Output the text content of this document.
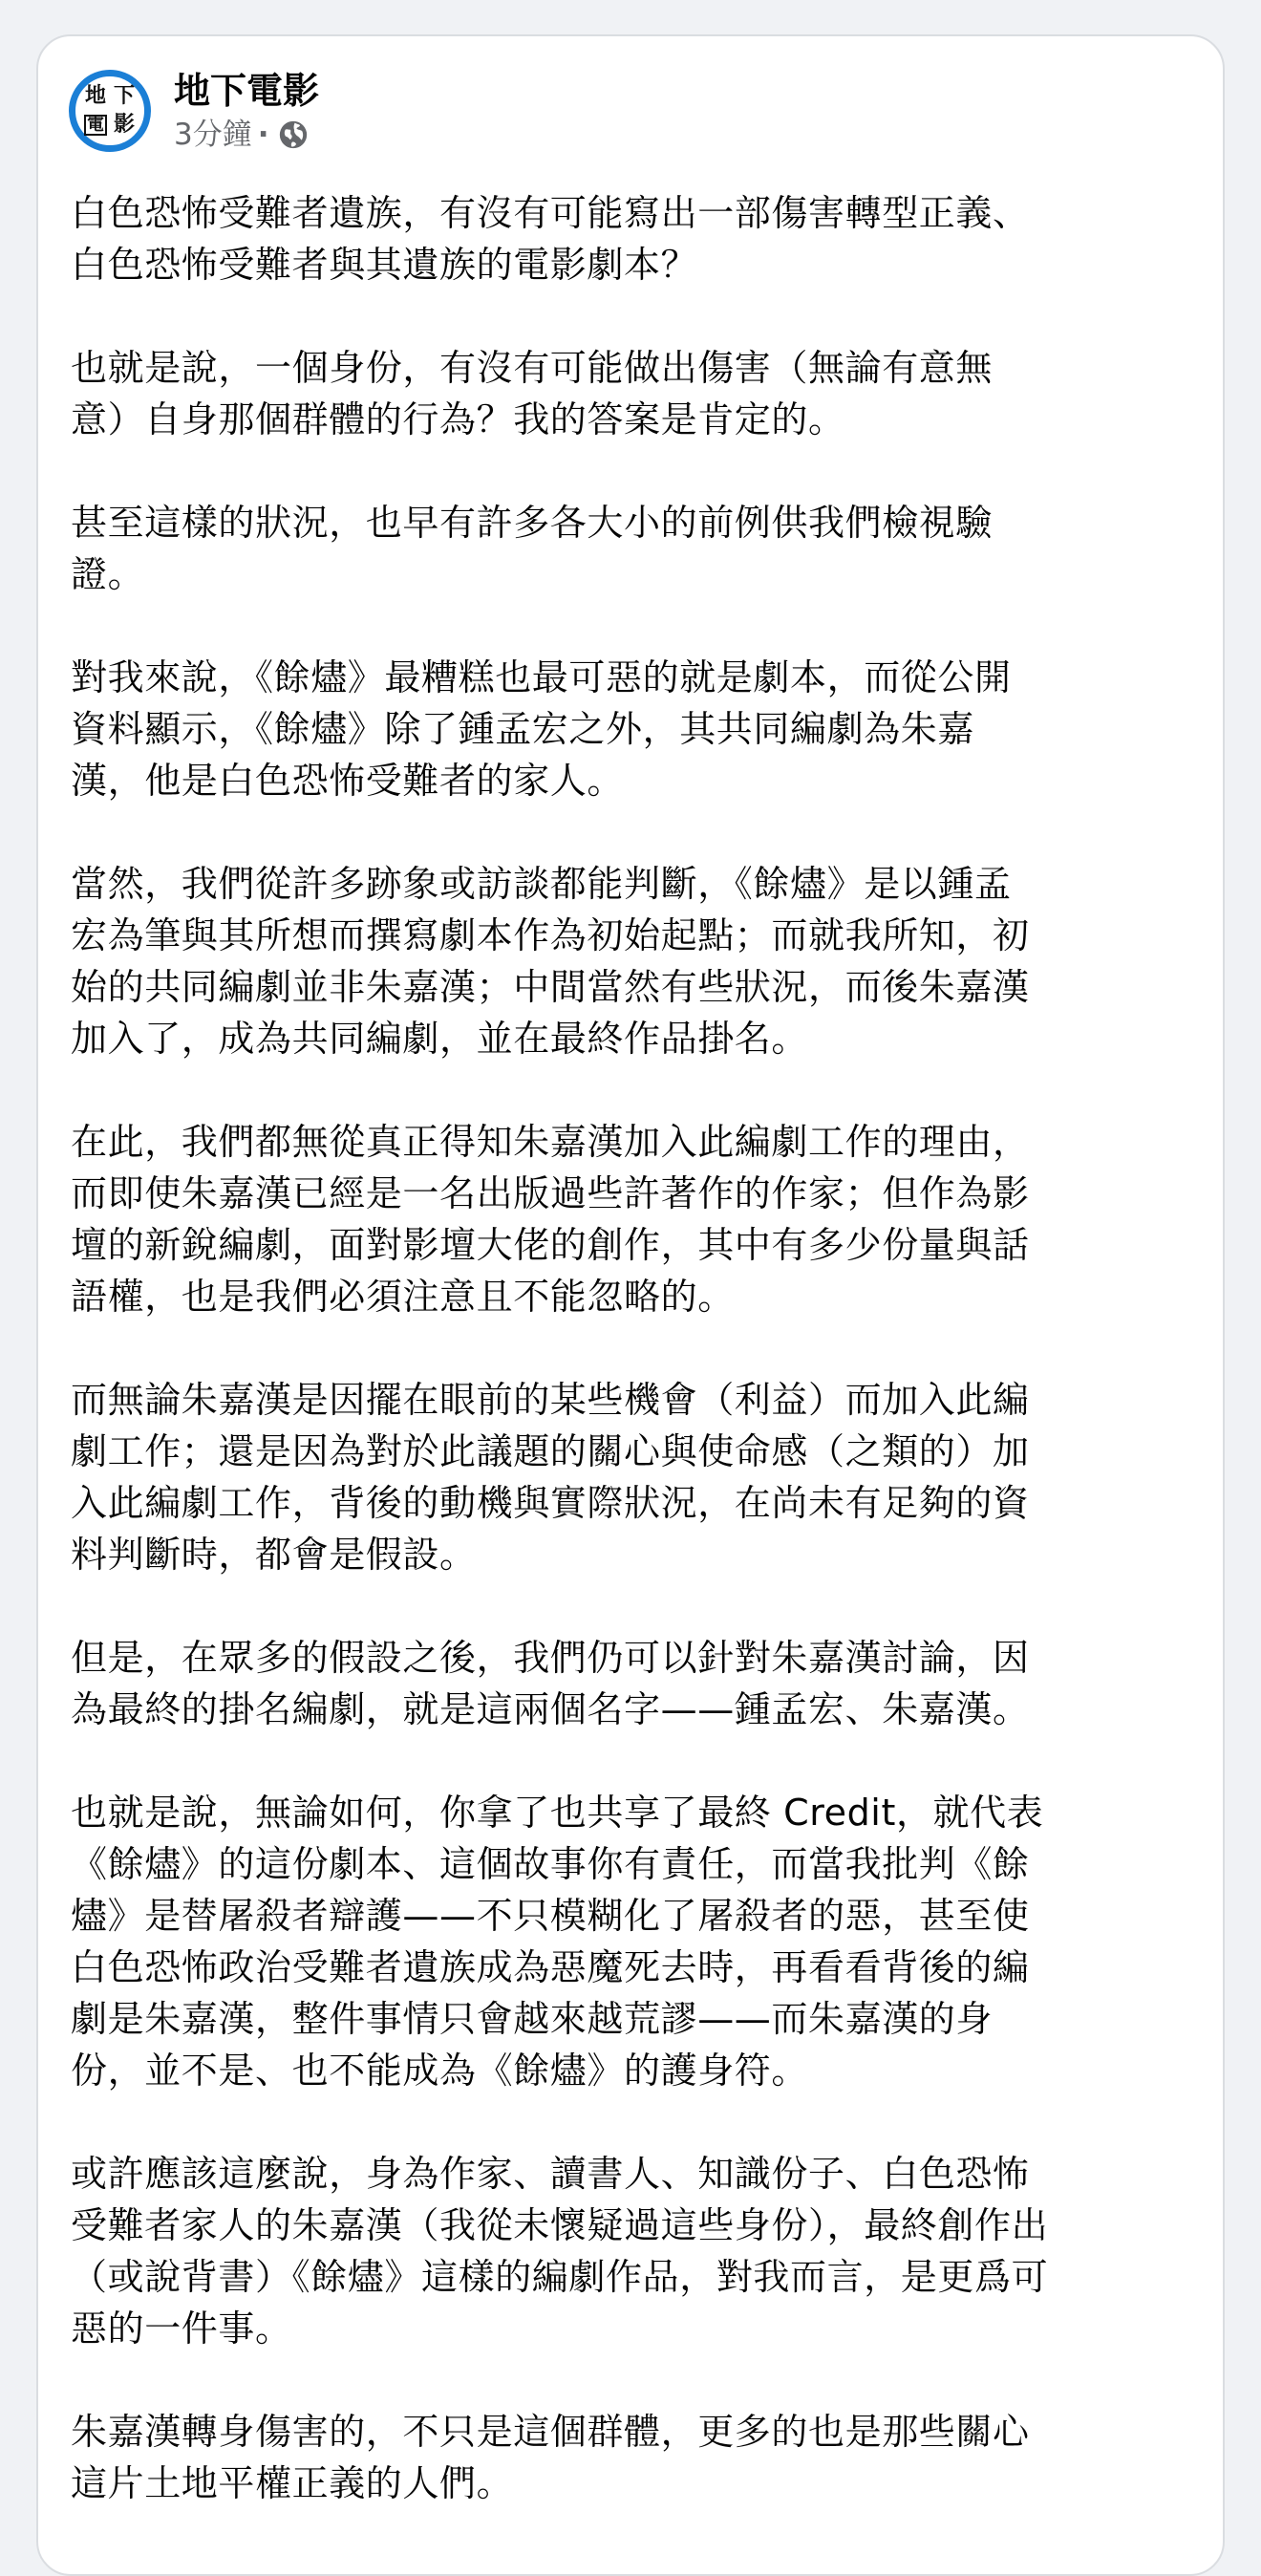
地 下
電 影
地下電影
3分鐘 ·

白色恐怖受難者遺族，有沒有可能寫出一部傷害轉型正義、
白色恐怖受難者與其遺族的電影劇本？

也就是說，一個身份，有沒有可能做出傷害（無論有意無
意）自身那個群體的行為？我的答案是肯定的。

甚至這樣的狀況，也早有許多各大小的前例供我們檢視驗
證。

對我來說，《餘燼》最糟糕也最可惡的就是劇本，而從公開
資料顯示，《餘燼》除了鍾孟宏之外，其共同編劇為朱嘉
漢，他是白色恐怖受難者的家人。

當然，我們從許多跡象或訪談都能判斷，《餘燼》是以鍾孟
宏為筆與其所想而撰寫劇本作為初始起點；而就我所知，初
始的共同編劇並非朱嘉漢；中間當然有些狀況，而後朱嘉漢
加入了，成為共同編劇，並在最終作品掛名。

在此，我們都無從真正得知朱嘉漢加入此編劇工作的理由，
而即使朱嘉漢已經是一名出版過些許著作的作家；但作為影
壇的新銳編劇，面對影壇大佬的創作，其中有多少份量與話
語權，也是我們必須注意且不能忽略的。

而無論朱嘉漢是因擺在眼前的某些機會（利益）而加入此編
劇工作；還是因為對於此議題的關心與使命感（之類的）加
入此編劇工作，背後的動機與實際狀況，在尚未有足夠的資
料判斷時，都會是假設。

但是，在眾多的假設之後，我們仍可以針對朱嘉漢討論，因
為最終的掛名編劇，就是這兩個名字——鍾孟宏、朱嘉漢。

也就是說，無論如何，你拿了也共享了最終 Credit，就代表
《餘燼》的這份劇本、這個故事你有責任，而當我批判《餘
燼》是替屠殺者辯護——不只模糊化了屠殺者的惡，甚至使
白色恐怖政治受難者遺族成為惡魔死去時，再看看背後的編
劇是朱嘉漢，整件事情只會越來越荒謬——而朱嘉漢的身
份，並不是、也不能成為《餘燼》的護身符。

或許應該這麼說，身為作家、讀書人、知識份子、白色恐怖
受難者家人的朱嘉漢（我從未懷疑過這些身份），最終創作出
（或說背書）《餘燼》這樣的編劇作品，對我而言，是更爲可
惡的一件事。

朱嘉漢轉身傷害的，不只是這個群體，更多的也是那些關心
這片土地平權正義的人們。
